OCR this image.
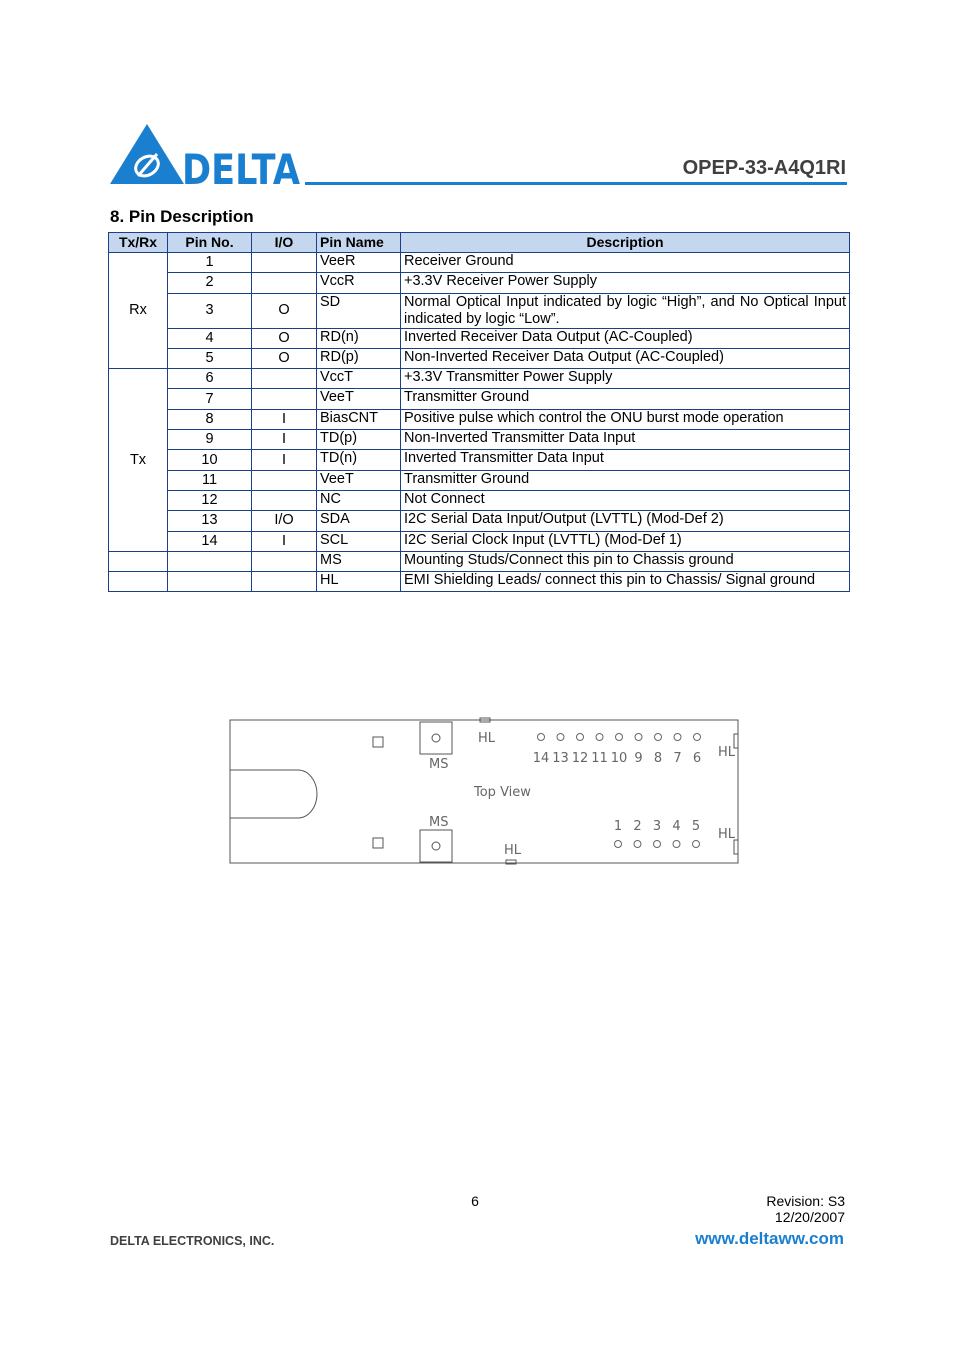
DELTA	OPEP-33-A4Q1RI
8. Pin Description
Tx/Rx	Pin No.	I/O	Pin Name	Description
Rx	1		VeeR	Receiver Ground
	2		VccR	+3.3V Receiver Power Supply
	3	O	SD	Normal Optical Input indicated by logic “High”, and No Optical Input indicated by logic “Low”.
	4	O	RD(n)	Inverted Receiver Data Output (AC-Coupled)
	5	O	RD(p)	Non-Inverted Receiver Data Output (AC-Coupled)
Tx	6		VccT	+3.3V Transmitter Power Supply
	7		VeeT	Transmitter Ground
	8	I	BiasCNT	Positive pulse which control the ONU burst mode operation
	9	I	TD(p)	Non-Inverted Transmitter Data Input
	10	I	TD(n)	Inverted Transmitter Data Input
	11		VeeT	Transmitter Ground
	12		NC	Not Connect
	13	I/O	SDA	I2C Serial Data Input/Output (LVTTL) (Mod-Def 2)
	14	I	SCL	I2C Serial Clock Input (LVTTL) (Mod-Def 1)
			MS	Mounting Studs/Connect this pin to Chassis ground
			HL	EMI Shielding Leads/ connect this pin to Chassis/ Signal ground
14 13 12 11 10 9 8 7 6
1 2 3 4 5
MS
MS
HL
HL
HL
HL
Top View
6	Revision: S3
12/20/2007
DELTA ELECTRONICS, INC.	www.deltaww.com
